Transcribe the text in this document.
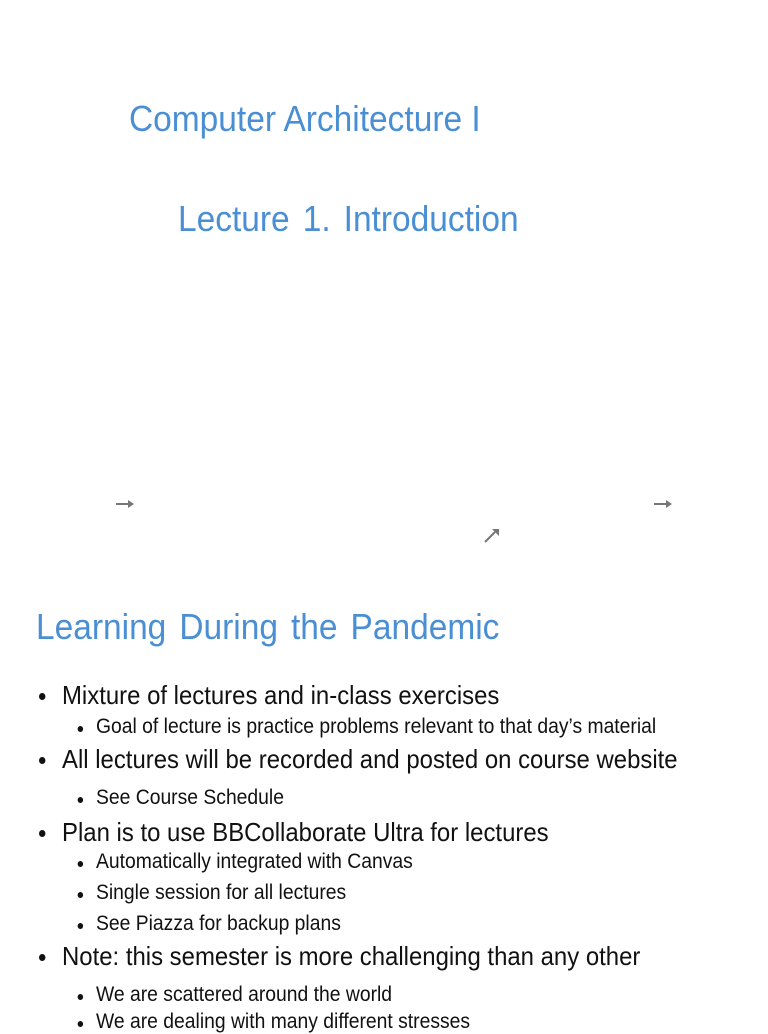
Computer Architecture I
Lecture 1. Introduction
Learning During the Pandemic
Mixture of lectures and in-class exercises
Goal of lecture is practice problems relevant to that day’s material
All lectures will be recorded and posted on course website
See Course Schedule
Plan is to use BBCollaborate Ultra for lectures
Automatically integrated with Canvas
Single session for all lectures
See Piazza for backup plans
Note: this semester is more challenging than any other
We are scattered around the world
We are dealing with many different stresses
